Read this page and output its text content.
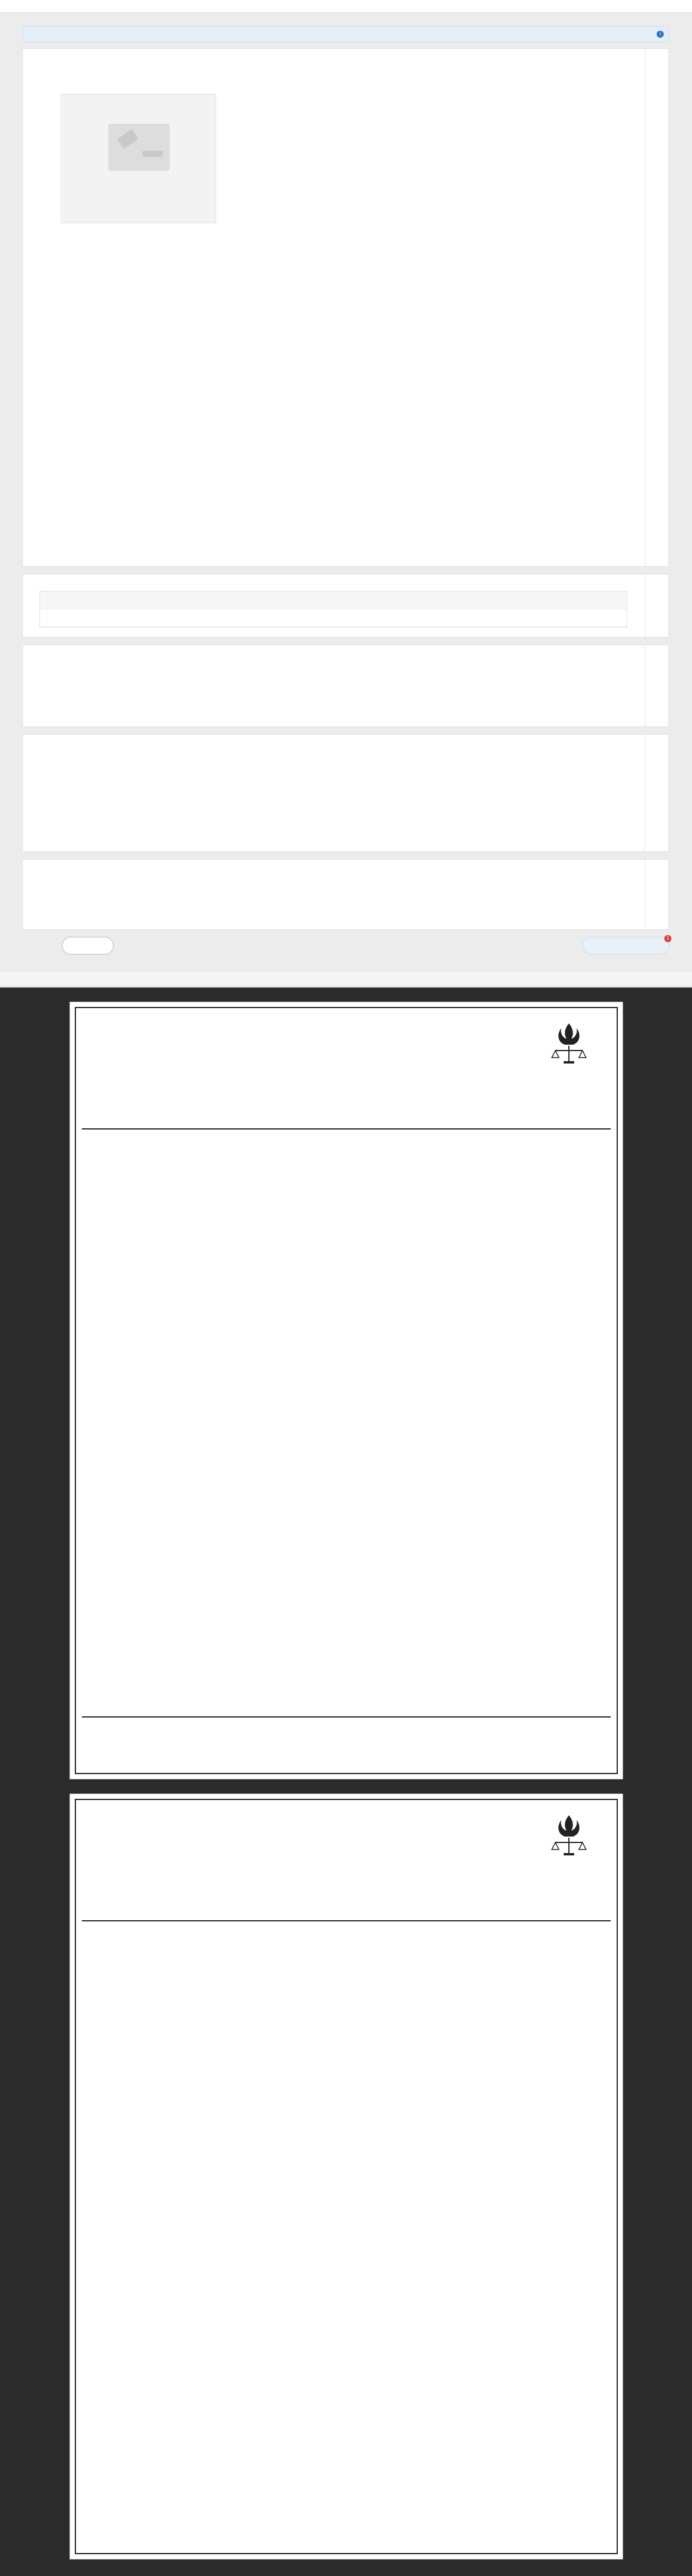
i
1
